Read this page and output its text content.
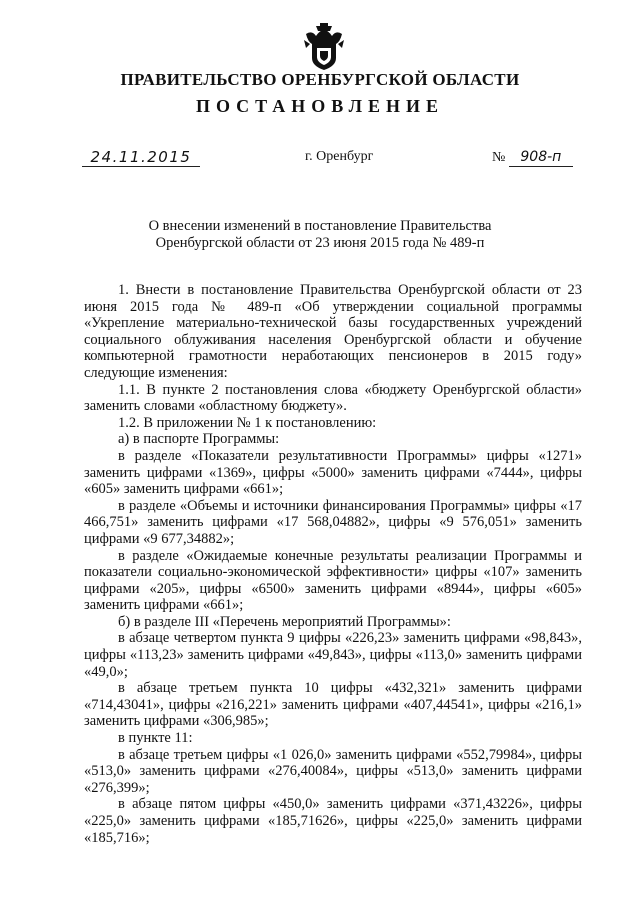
ПРАВИТЕЛЬСТВО ОРЕНБУРГСКОЙ ОБЛАСТИ
ПОСТАНОВЛЕНИЕ
24.11.2015	г. Оренбург	№ 908-п
О внесении изменений в постановление Правительства
Оренбургской области от 23 июня 2015 года № 489-п

1. Внести в постановление Правительства Оренбургской области от 23 июня 2015 года № 489-п «Об утверждении социальной программы «Укрепление материально-технической базы государственных учреждений социального облуживания населения Оренбургской области и обучение компьютерной грамотности неработающих пенсионеров в 2015 году» следующие изменения:

1.1. В пункте 2 постановления слова «бюджету Оренбургской области» заменить словами «областному бюджету».

1.2. В приложении № 1 к постановлению:

а) в паспорте Программы:

в разделе «Показатели результативности Программы» цифры «1271» заменить цифрами «1369», цифры «5000» заменить цифрами «7444», цифры «605» заменить цифрами «661»;

в разделе «Объемы и источники финансирования Программы» цифры «17 466,751» заменить цифрами «17 568,04882», цифры «9 576,051» заменить цифрами «9 677,34882»;

в разделе «Ожидаемые конечные результаты реализации Программы и показатели социально-экономической эффективности» цифры «107» заменить цифрами «205», цифры «6500» заменить цифрами «8944», цифры «605» заменить цифрами «661»;

б) в разделе III «Перечень мероприятий Программы»:

в абзаце четвертом пункта 9 цифры «226,23» заменить цифрами «98,843», цифры «113,23» заменить цифрами «49,843», цифры «113,0» заменить цифрами «49,0»;

в абзаце третьем пункта 10 цифры «432,321» заменить цифрами «714,43041», цифры «216,221» заменить цифрами «407,44541», цифры «216,1» заменить цифрами «306,985»;

в пункте 11:

в абзаце третьем цифры «1 026,0» заменить цифрами «552,79984», цифры «513,0» заменить цифрами «276,40084», цифры «513,0» заменить цифрами «276,399»;

в абзаце пятом цифры «450,0» заменить цифрами «371,43226», цифры «225,0» заменить цифрами «185,71626», цифры «225,0» заменить цифрами «185,716»;
